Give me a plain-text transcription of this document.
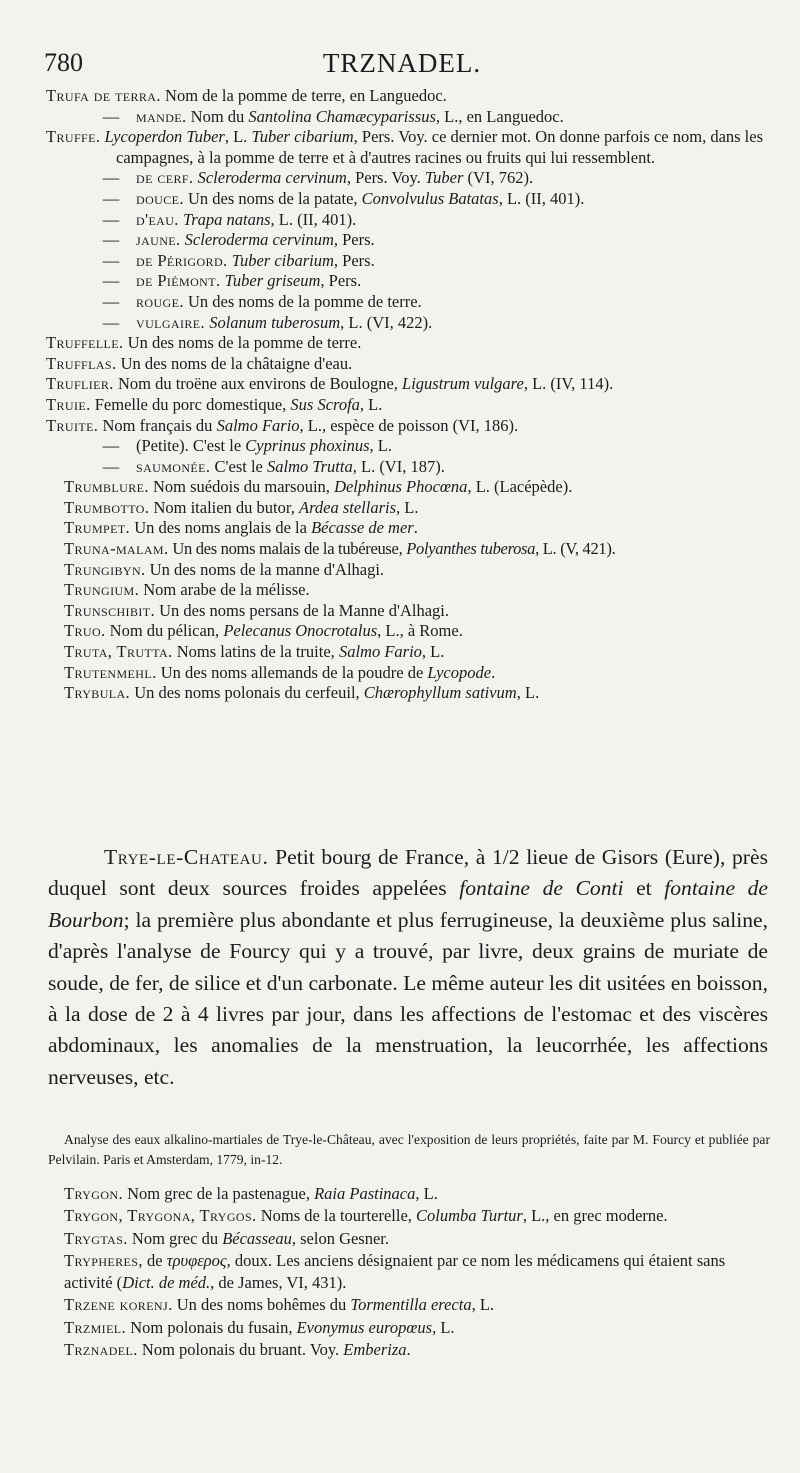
780	TRZNADEL.

Trufa de terra. Nom de la pomme de terre, en Languedoc.

— mande. Nom du Santolina Chamæcyparissus, L., en Languedoc.

Truffe. Lycoperdon Tuber, L. Tuber cibarium, Pers. Voy. ce dernier mot. On donne parfois ce nom, dans les campagnes, à la pomme de terre et à d'autres racines ou fruits qui lui ressemblent.

— de cerf. Scleroderma cervinum, Pers. Voy. Tuber (VI, 762).

— douce. Un des noms de la patate, Convolvulus Batatas, L. (II, 401).

— d'eau. Trapa natans, L. (II, 401).

— jaune. Scleroderma cervinum, Pers.

— de Périgord. Tuber cibarium, Pers.

— de Piémont. Tuber griseum, Pers.

— rouge. Un des noms de la pomme de terre.

— vulgaire. Solanum tuberosum, L. (VI, 422).

Truffelle. Un des noms de la pomme de terre.

Trufflas. Un des noms de la châtaigne d'eau.

Truflier. Nom du troëne aux environs de Boulogne, Ligustrum vulgare, L. (IV, 114).

Truie. Femelle du porc domestique, Sus Scrofa, L.

Truite. Nom français du Salmo Fario, L., espèce de poisson (VI, 186).

— (Petite). C'est le Cyprinus phoxinus, L.

— saumonée. C'est le Salmo Trutta, L. (VI, 187).

Trumblure. Nom suédois du marsouin, Delphinus Phocœna, L. (Lacépède).

Trumbotto. Nom italien du butor, Ardea stellaris, L.

Trumpet. Un des noms anglais de la Bécasse de mer.

Truna-malam. Un des noms malais de la tubéreuse, Polyanthes tuberosa, L. (V, 421).

Trungibyn. Un des noms de la manne d'Alhagi.

Trungium. Nom arabe de la mélisse.

Trunschibit. Un des noms persans de la Manne d'Alhagi.

Truo. Nom du pélican, Pelecanus Onocrotalus, L., à Rome.

Truta, Trutta. Noms latins de la truite, Salmo Fario, L.

Trutenmehl. Un des noms allemands de la poudre de Lycopode.

Trybula. Un des noms polonais du cerfeuil, Chærophyllum sativum, L.

Trye-le-Chateau. Petit bourg de France, à 1/2 lieue de Gisors (Eure), près duquel sont deux sources froides appelées fontaine de Conti et fontaine de Bourbon; la première plus abondante et plus ferrugineuse, la deuxième plus saline, d'après l'analyse de Fourcy qui y a trouvé, par livre, deux grains de muriate de soude, de fer, de silice et d'un carbonate. Le même auteur les dit usitées en boisson, à la dose de 2 à 4 livres par jour, dans les affections de l'estomac et des viscères abdominaux, les anomalies de la menstruation, la leucorrhée, les affections nerveuses, etc.

Analyse des eaux alkalino-martiales de Trye-le-Château, avec l'exposition de leurs propriétés, faite par M. Fourcy et publiée par Pelvilain. Paris et Amsterdam, 1779, in-12.

Trygon. Nom grec de la pastenague, Raia Pastinaca, L.

Trygon, Trygona, Trygos. Noms de la tourterelle, Columba Turtur, L., en grec moderne.

Trygtas. Nom grec du Bécasseau, selon Gesner.

Trypheres, de τρυφερος, doux. Les anciens désignaient par ce nom les médicamens qui étaient sans activité (Dict. de méd., de James, VI, 431).

Trzene korenj. Un des noms bohêmes du Tormentilla erecta, L.

Trzmiel. Nom polonais du fusain, Evonymus europœus, L.

Trznadel. Nom polonais du bruant. Voy. Emberiza.
